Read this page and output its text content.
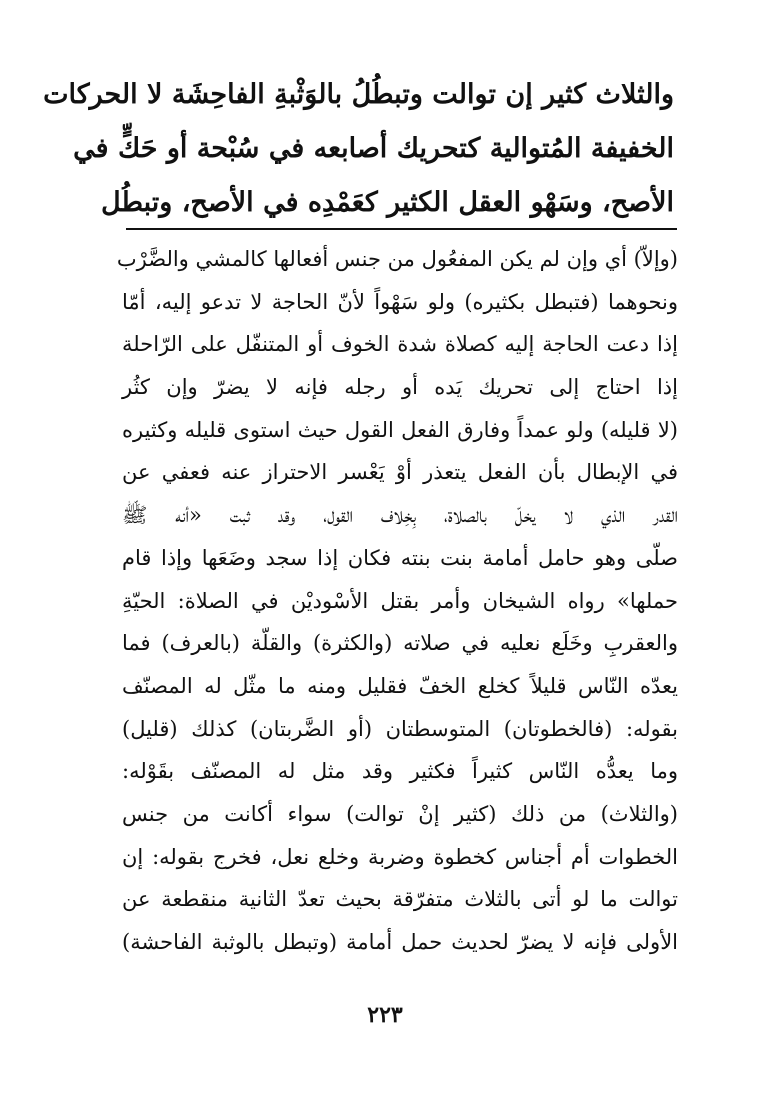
والثلاث كثير إن توالت وتبطُلُ بالوَثْبةِ الفاحِشَة لا الحركات
الخفيفة المُتوالية كتحريك أصابعه في سُبْحة أو حَكٍّ في
الأصح، وسَهْو العقل الكثير كعَمْدِه في الأصح، وتبطُل
(وإلاّ) أي وإن لم يكن المفعُول من جنس أفعالها كالمشي والضَّرْب
ونحوهما (فتبطل بكثيره) ولو سَهْواً لأنّ الحاجة لا تدعو إليه، أمّا
إذا دعت الحاجة إليه كصلاة شدة الخوف أو المتنفّل على الرّاحلة
إذا احتاج إلى تحريك يَده أو رجله فإنه لا يضرّ وإن كثُر
(لا قليله) ولو عمداً وفارق الفعل القول حيث استوى قليله وكثيره
في الإبطال بأن الفعل يتعذر أوْ يَعْسر الاحتراز عنه فعفي عن
القدر الذي لا يخلّ بالصلاة، بِخِلاف القول، وقد ثبت «أنه ﷺ
صلّى وهو حامل أمامة بنت بنته فكان إذا سجد وضَعَها وإذا قام
حملها» رواه الشيخان وأمر بقتل الأسْوديْن في الصلاة: الحيّةِ
والعقربِ وخَلَع نعليه في صلاته (والكثرة) والقلّة (بالعرف) فما
يعدّه النّاس قليلاً كخلع الخفّ فقليل ومنه ما مثّل له المصنّف
بقوله: (فالخطوتان) المتوسطتان (أو الضَّربتان) كذلك (قليل)
وما يعدُّه النّاس كثيراً فكثير وقد مثل له المصنّف بقَوْله:
(والثلاث) من ذلك (كثير إنْ توالت) سواء أكانت من جنس
الخطوات أم أجناس كخطوة وضربة وخلع نعل، فخرج بقوله: إن
توالت ما لو أتى بالثلاث متفرّقة بحيث تعدّ الثانية منقطعة عن
الأولى فإنه لا يضرّ لحديث حمل أمامة (وتبطل بالوثبة الفاحشة)
٢٢٣
